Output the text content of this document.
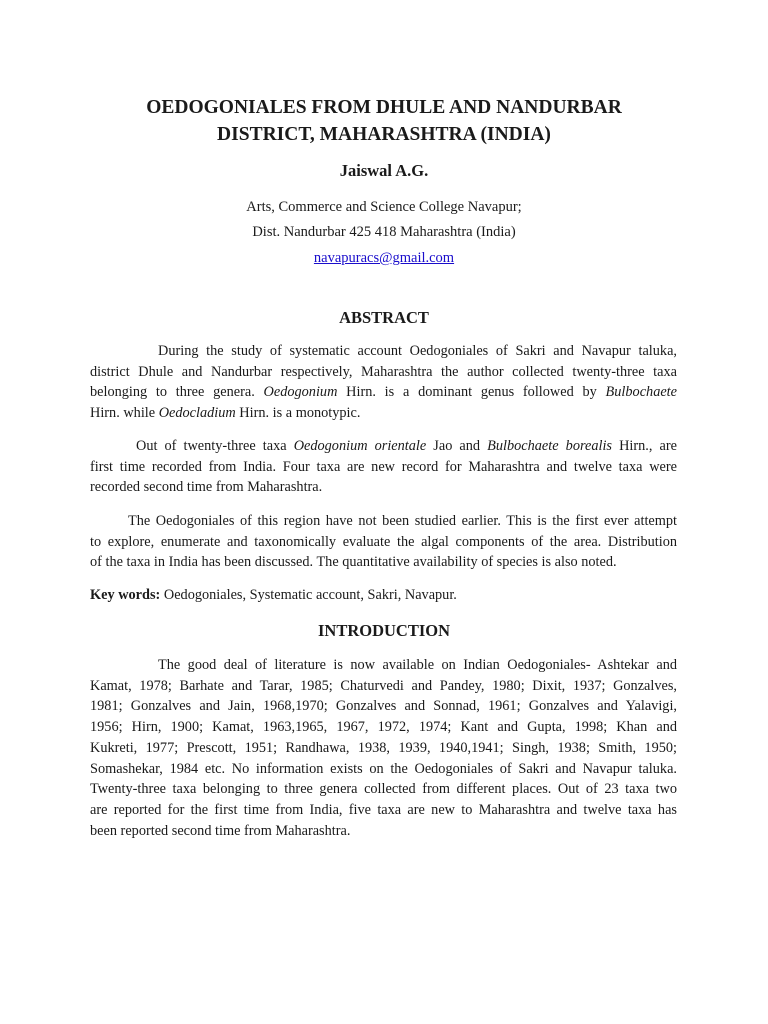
OEDOGONIALES FROM DHULE AND NANDURBAR
DISTRICT, MAHARASHTRA (INDIA)

Jaiswal A.G.

Arts, Commerce and Science College Navapur;

Dist. Nandurbar 425 418 Maharashtra (India)

navapuracs@gmail.com

ABSTRACT
During the study of systematic account Oedogoniales of Sakri and Navapur taluka,
district Dhule and Nandurbar respectively, Maharashtra the author collected twenty-three taxa
belonging to three genera. Oedogonium Hirn. is a dominant genus followed by Bulbochaete
Hirn. while Oedocladium Hirn. is a monotypic.
Out of twenty-three taxa Oedogonium orientale Jao and Bulbochaete borealis Hirn., are
first time recorded from India. Four taxa are new record for Maharashtra and twelve taxa were
recorded second time from Maharashtra.
The Oedogoniales of this region have not been studied earlier. This is the first ever attempt
to explore, enumerate and taxonomically evaluate the algal components of the area. Distribution
of the taxa in India has been discussed. The quantitative availability of species is also noted.
Key words: Oedogoniales, Systematic account, Sakri, Navapur.
INTRODUCTION
The good deal of literature is now available on Indian Oedogoniales- Ashtekar and
Kamat, 1978; Barhate and Tarar, 1985; Chaturvedi and Pandey, 1980; Dixit, 1937; Gonzalves,
1981; Gonzalves and Jain, 1968,1970; Gonzalves and Sonnad, 1961; Gonzalves and Yalavigi,
1956; Hirn, 1900; Kamat, 1963,1965, 1967, 1972, 1974; Kant and Gupta, 1998; Khan and
Kukreti, 1977; Prescott, 1951; Randhawa, 1938, 1939, 1940,1941; Singh, 1938; Smith, 1950;
Somashekar, 1984 etc. No information exists on the Oedogoniales of Sakri and Navapur taluka.
Twenty-three taxa belonging to three genera collected from different places. Out of 23 taxa two
are reported for the first time from India, five taxa are new to Maharashtra and twelve taxa has
been reported second time from Maharashtra.
